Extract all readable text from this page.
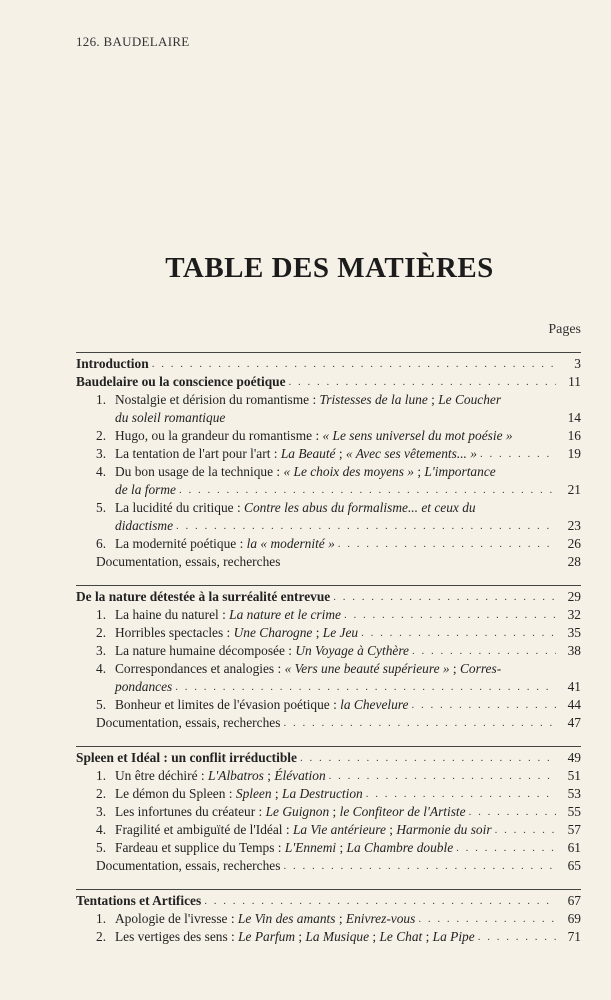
126. BAUDELAIRE
TABLE DES MATIÈRES
Pages
Introduction . . .	3
Baudelaire ou la conscience poétique . . .	11
1. Nostalgie et dérision du romantisme : Tristesses de la lune ; Le Coucher
du soleil romantique	14
2. Hugo, ou la grandeur du romantisme : « Le sens universel du mot poésie »	16
3. La tentation de l'art pour l'art : La Beauté ; « Avec ses vêtements... » . . .	19
4. Du bon usage de la technique : « Le choix des moyens » ; L'importance
de la forme . . .	21
5. La lucidité du critique : Contre les abus du formalisme... et ceux du
didactisme . . .	23
6. La modernité poétique : la « modernité » . . .	26
Documentation, essais, recherches	28
De la nature détestée à la surréalité entrevue . . .	29
1. La haine du naturel : La nature et le crime . . .	32
2. Horribles spectacles : Une Charogne ; Le Jeu . . .	35
3. La nature humaine décomposée : Un Voyage à Cythère . . .	38
4. Correspondances et analogies : « Vers une beauté supérieure » ; Corres-
pondances . . .	41
5. Bonheur et limites de l'évasion poétique : la Chevelure . . .	44
Documentation, essais, recherches . . .	47
Spleen et Idéal : un conflit irréductible . . .	49
1. Un être déchiré : L'Albatros ; Élévation . . .	51
2. Le démon du Spleen : Spleen ; La Destruction . . .	53
3. Les infortunes du créateur : Le Guignon ; le Confiteor de l'Artiste . . .	55
4. Fragilité et ambiguïté de l'Idéal : La Vie antérieure ; Harmonie du soir . . .	57
5. Fardeau et supplice du Temps : L'Ennemi ; La Chambre double . . .	61
Documentation, essais, recherches . . .	65
Tentations et Artifices . . .	67
1. Apologie de l'ivresse : Le Vin des amants ; Enivrez-vous . . .	69
2. Les vertiges des sens : Le Parfum ; La Musique ; Le Chat ; La Pipe . . .	71
